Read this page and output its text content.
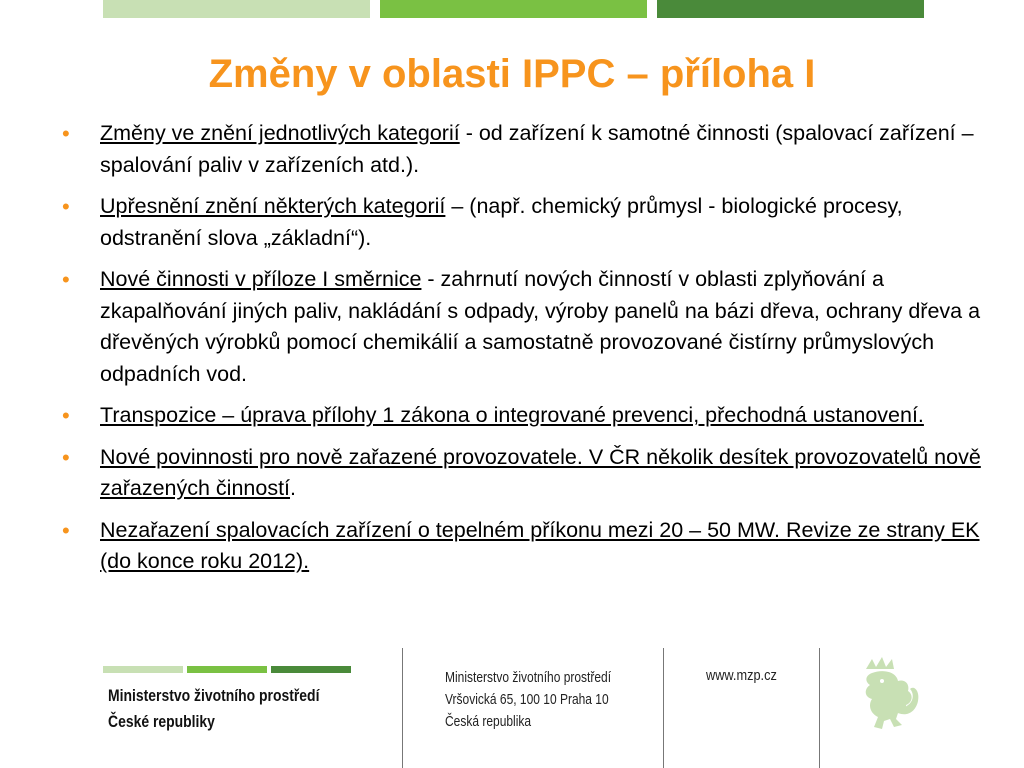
Změny v oblasti IPPC – příloha I
• Změny ve znění jednotlivých kategorií - od zařízení k samotné činnosti (spalovací zařízení – spalování paliv v zařízeních atd.).
• Upřesnění znění některých kategorií – (např. chemický průmysl - biologické procesy, odstranění slova „základní“).
• Nové činnosti v příloze I směrnice - zahrnutí nových činností v oblasti zplyňování a zkapalňování jiných paliv, nakládání s odpady, výroby panelů na bázi dřeva, ochrany dřeva a dřevěných výrobků pomocí chemikálií a samostatně provozované čistírny průmyslových odpadních vod.
• Transpozice – úprava přílohy 1 zákona o integrované prevenci, přechodná ustanovení.
• Nové povinnosti pro nově zařazené provozovatele. V ČR několik desítek provozovatelů nově zařazených činností.
• Nezařazení spalovacích zařízení o tepelném příkonu mezi 20 – 50 MW. Revize ze strany EK (do konce roku 2012).
Ministerstvo životního prostředí
České republiky
Ministerstvo životního prostředí
Vršovická 65, 100 10 Praha 10
Česká republika
www.mzp.cz
